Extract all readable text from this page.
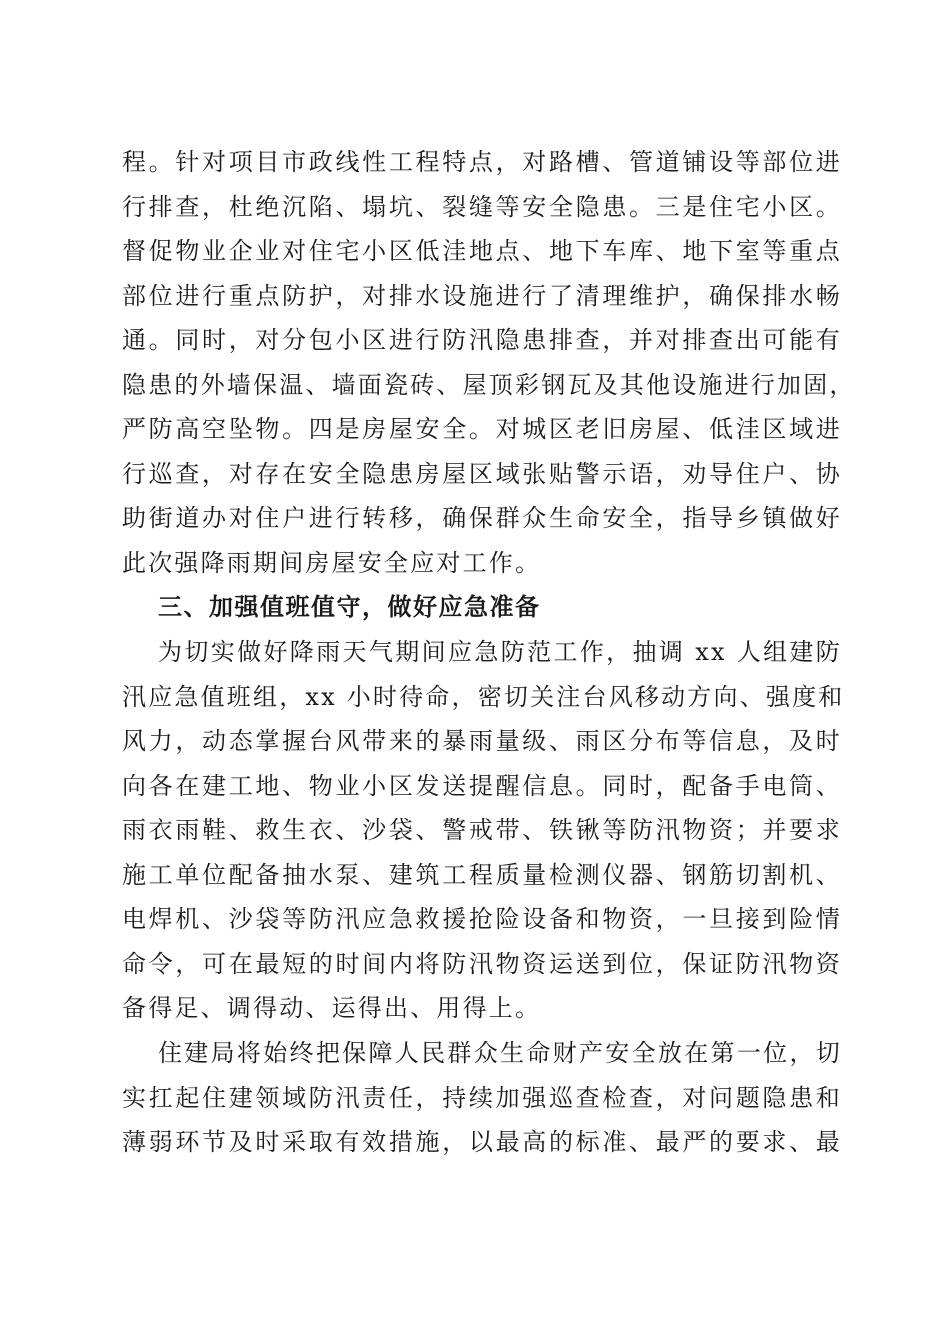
程。针对项目市政线性工程特点，对路槽、管道铺设等部位进
行排查，杜绝沉陷、塌坑、裂缝等安全隐患。三是住宅小区。
督促物业企业对住宅小区低洼地点、地下车库、地下室等重点
部位进行重点防护，对排水设施进行了清理维护，确保排水畅
通。同时，对分包小区进行防汛隐患排查，并对排查出可能有
隐患的外墙保温、墙面瓷砖、屋顶彩钢瓦及其他设施进行加固，
严防高空坠物。四是房屋安全。对城区老旧房屋、低洼区域进
行巡查，对存在安全隐患房屋区域张贴警示语，劝导住户、协
助街道办对住户进行转移，确保群众生命安全，指导乡镇做好
此次强降雨期间房屋安全应对工作。
三、加强值班值守，做好应急准备
为切实做好降雨天气期间应急防范工作，抽调 xx 人组建防
汛应急值班组，xx 小时待命，密切关注台风移动方向、强度和
风力，动态掌握台风带来的暴雨量级、雨区分布等信息，及时
向各在建工地、物业小区发送提醒信息。同时，配备手电筒、
雨衣雨鞋、救生衣、沙袋、警戒带、铁锹等防汛物资；并要求
施工单位配备抽水泵、建筑工程质量检测仪器、钢筋切割机、
电焊机、沙袋等防汛应急救援抢险设备和物资，一旦接到险情
命令，可在最短的时间内将防汛物资运送到位，保证防汛物资
备得足、调得动、运得出、用得上。
住建局将始终把保障人民群众生命财产安全放在第一位，切
实扛起住建领域防汛责任，持续加强巡查检查，对问题隐患和
薄弱环节及时采取有效措施，以最高的标准、最严的要求、最
